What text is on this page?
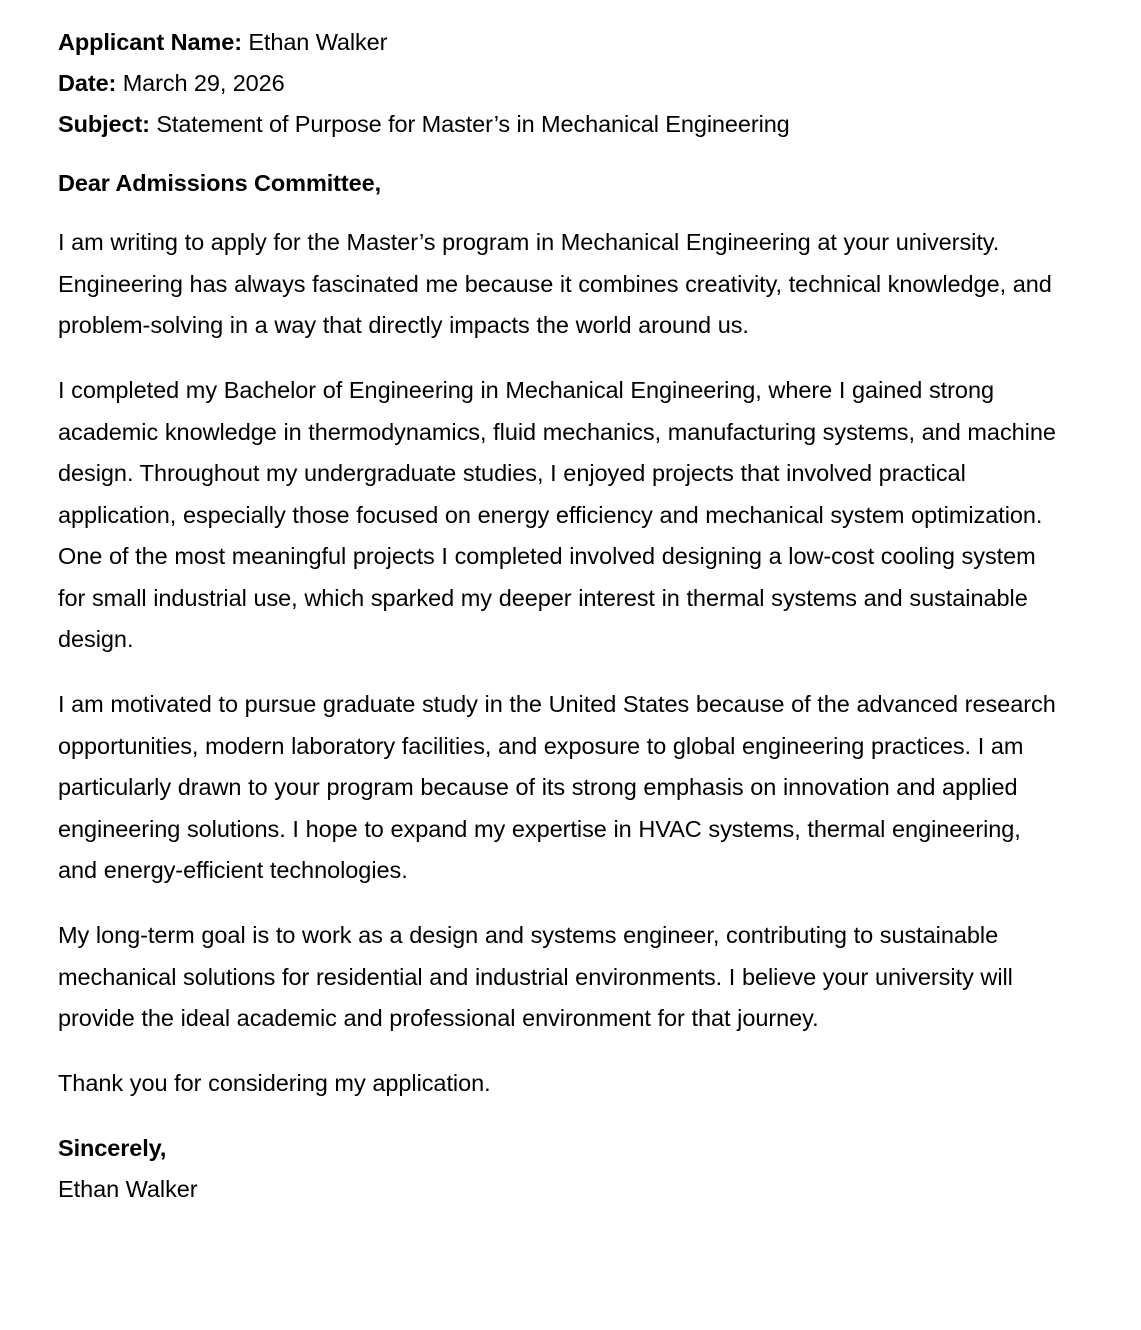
Applicant Name: Ethan Walker
Date: March 29, 2026
Subject: Statement of Purpose for Master’s in Mechanical Engineering
Dear Admissions Committee,

I am writing to apply for the Master’s program in Mechanical Engineering at your university. Engineering has always fascinated me because it combines creativity, technical knowledge, and problem-solving in a way that directly impacts the world around us.

I completed my Bachelor of Engineering in Mechanical Engineering, where I gained strong academic knowledge in thermodynamics, fluid mechanics, manufacturing systems, and machine design. Throughout my undergraduate studies, I enjoyed projects that involved practical application, especially those focused on energy efficiency and mechanical system optimization. One of the most meaningful projects I completed involved designing a low-cost cooling system for small industrial use, which sparked my deeper interest in thermal systems and sustainable design.

I am motivated to pursue graduate study in the United States because of the advanced research opportunities, modern laboratory facilities, and exposure to global engineering practices. I am particularly drawn to your program because of its strong emphasis on innovation and applied engineering solutions. I hope to expand my expertise in HVAC systems, thermal engineering, and energy-efficient technologies.

My long-term goal is to work as a design and systems engineer, contributing to sustainable mechanical solutions for residential and industrial environments. I believe your university will provide the ideal academic and professional environment for that journey.

Thank you for considering my application.

Sincerely,
Ethan Walker
